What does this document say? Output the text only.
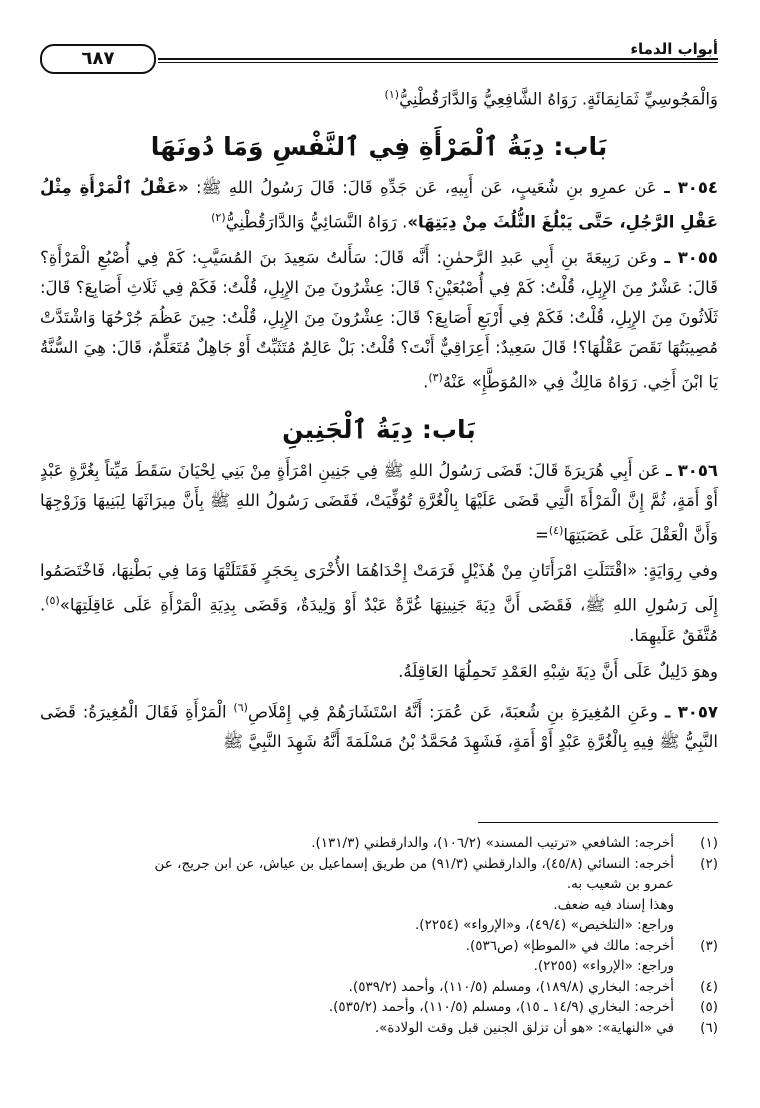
أبواب الدماء
٦٨٧

وَالْمَجُوسِيِّ ثَمَانِمَائَةٍ. رَوَاهُ الشَّافِعِيُّ وَالدَّارَقُطْنِيُّ$^{(١)}$

بَاب: دِيَةُ ٱلْمَرْأَةِ فِي ٱلنَّفْسِ وَمَا دُونَهَا

٣٠٥٤ ـ عَن عمرِو بنِ شُعَيبٍ، عَن أَبِيهِ، عَن جَدِّهِ قَالَ: قَالَ رَسُولُ اللهِ ﷺ: «عَقْلُ ٱلْمَرْأَةِ مِثْلُ عَقْلِ الرَّجُلِ، حَتَّى يَبْلُغَ الثُّلُثَ مِنْ دِيَتِهَا». رَوَاهُ النَّسَائِيُّ وَالدَّارَقُطْنِيُّ$^{(٢)}$

٣٠٥٥ ـ وعَن رَبِيعَةَ بنِ أَبِي عَبدِ الرَّحمٰنِ: أَنَّه قَالَ: سَأَلتُ سَعِيدَ بنَ المُسَيَّبِ: كَمْ فِي أُصْبُعِ الْمَرْأَةِ؟ قَالَ: عَشْرٌ مِنَ الإِبِلِ، قُلْتُ: كَمْ فِي أُصْبُعَيْنِ؟ قَالَ: عِشْرُونَ مِنَ الإِبِلِ، قُلْتُ: فَكَمْ فِي ثَلَاثِ أَصَابِعَ؟ قَالَ: ثَلَاثُونَ مِنَ الإِبِلِ، قُلْتُ: فَكَمْ فِي أَرْبَعِ أَصَابِعَ؟ قَالَ: عِشْرُونَ مِنَ الإِبِلِ، قُلْتُ: حِينَ عَظُمَ جُرْحُهَا وَاشْتَدَّتْ مُصِيبَتُهَا نَقَصَ عَقْلُهَا؟! قَالَ سَعِيدٌ: أَعِرَاقِيٌّ أَنْتَ؟ قُلْتُ: بَلْ عَالِمٌ مُتَثَبِّتٌ أَوْ جَاهِلٌ مُتَعَلِّمٌ، قَالَ: هِيَ السُّنَّةُ يَا ابْنَ أَخِي. رَوَاهُ مَالِكٌ فِي «المُوَطَّإِ» عَنْهُ$^{(٣)}$.

بَاب: دِيَةُ ٱلْجَنِينِ

٣٠٥٦ ـ عَن أَبِي هُرَيرَةَ قَالَ: قَضَى رَسُولُ اللهِ ﷺ فِي جَنِينِ امْرَأَةٍ مِنْ بَنِي لِحْيَانَ سَقَطَ مَيِّتاً بِغُرَّةٍ عَبْدٍ أَوْ أَمَةٍ، ثُمَّ إِنَّ الْمَرْأَةَ الَّتِي قَضَى عَلَيْهَا بِالْغُرَّةِ تُوُفِّيَتْ، فَقَضَى رَسُولُ اللهِ ﷺ بِأَنَّ مِيرَاثَهَا لِبَنِيهَا وَزَوْجِهَا وَأَنَّ الْعَقْلَ عَلَى عَصَبَتِهَا$^{(٤)}$=

وفي رِوَايَةٍ: «اقْتَتَلَتِ امْرَأَتَانِ مِنْ هُذَيْلٍ فَرَمَتْ إِحْدَاهُمَا الأُخْرَى بِحَجَرٍ فَقَتَلَتْهَا وَمَا فِي بَطْنِهَا، فَاخْتَصَمُوا إِلَى رَسُولِ اللهِ ﷺ، فَقَضَى أَنَّ دِيَةَ جَنِينِهَا غُرَّةٌ عَبْدٌ أَوْ وَلِيدَةٌ، وَقَضَى بِدِيَةِ الْمَرْأَةِ عَلَى عَاقِلَتِهَا»$^{(٥)}$. مُتَّفَقٌ عَلَيهِمَا.

وهوَ دَلِيلٌ عَلَى أَنَّ دِيَةَ شِبْهِ العَمْدِ تَحمِلُهَا العَاقِلَةُ.

٣٠٥٧ ـ وعَنِ المُغِيرَةِ بنِ شُعبَةَ، عَن عُمَرَ: أَنَّهُ اسْتَشَارَهُمْ فِي إِمْلَاصِ$^{(٦)}$ الْمَرْأَةِ فَقَالَ الْمُغِيرَةُ: قَضَى النَّبِيُّ ﷺ فِيهِ بِالْغُرَّةِ عَبْدٍ أَوْ أَمَةٍ، فَشَهِدَ مُحَمَّدُ بْنُ مَسْلَمَةَ أَنَّهُ شَهِدَ النَّبِيَّ ﷺ

(١)
أخرجه: الشافعي «ترتيب المسند» (١٠٦/٢)، والدارقطني (١٣١/٣).
(٢)
أخرجه: النسائي (٤٥/٨)، والدارقطني (٩١/٣) من طريق إسماعيل بن عياش، عن ابن جريج، عن

عمرو بن شعيب به.

وهذا إسناد فيه ضعف.

وراجع: «التلخيص» (٤٩/٤)، و«الإرواء» (٢٢٥٤).

(٣)
أخرجه: مالك في «الموطإ» (ص٥٣٦).

وراجع: «الإرواء» (٢٢٥٥).

(٤)
أخرجه: البخاري (١٨٩/٨)، ومسلم (١١٠/٥)، وأحمد (٥٣٩/٢).
(٥)
أخرجه: البخاري (١٤/٩ ـ ١٥)، ومسلم (١١٠/٥)، وأحمد (٥٣٥/٢).
(٦)
في «النهاية»: «هو أن تزلق الجنين قبل وقت الولادة».
